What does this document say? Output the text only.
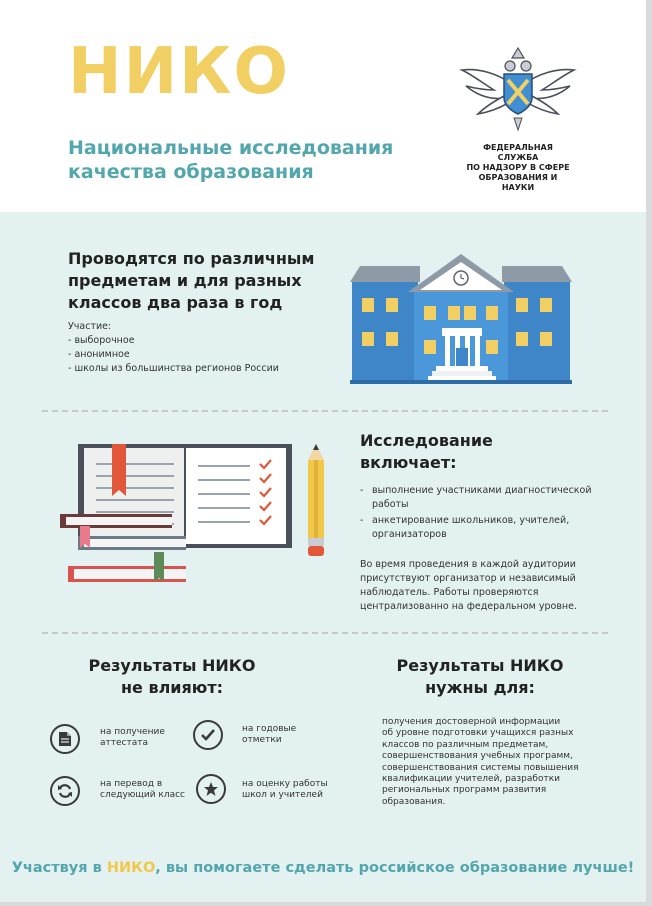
НИКО
Национальные исследования
качества образования
ФЕДЕРАЛЬНАЯ СЛУЖБА
ПО НАДЗОРУ В СФЕРЕ
ОБРАЗОВАНИЯ И НАУКИ
Проводятся по различным
предметам и для разных
классов два раза в год
Участие:
- выборочное
- анонимное
- школы из большинства регионов России
Исследование
включает:
- выполнение участниками диагностической
работы
- анкетирование школьников, учителей,
организаторов
Во время проведения в каждой аудитории
присутствуют организатор и независимый
наблюдатель. Работы проверяются
централизованно на федеральном уровне.
Результаты НИКО
не влияют:
на получение
аттестата
на годовые
отметки
на перевод в
следующий класс
на оценку работы
школ и учителей
Результаты НИКО
нужны для:
получения достоверной информации
об уровне подготовки учащихся разных
классов по различным предметам,
совершенствования учебных программ,
совершенствования системы повышения
квалификации учителей, разработки
региональных программ развития
образования.
Участвуя в НИКО, вы помогаете сделать российское образование лучше!
